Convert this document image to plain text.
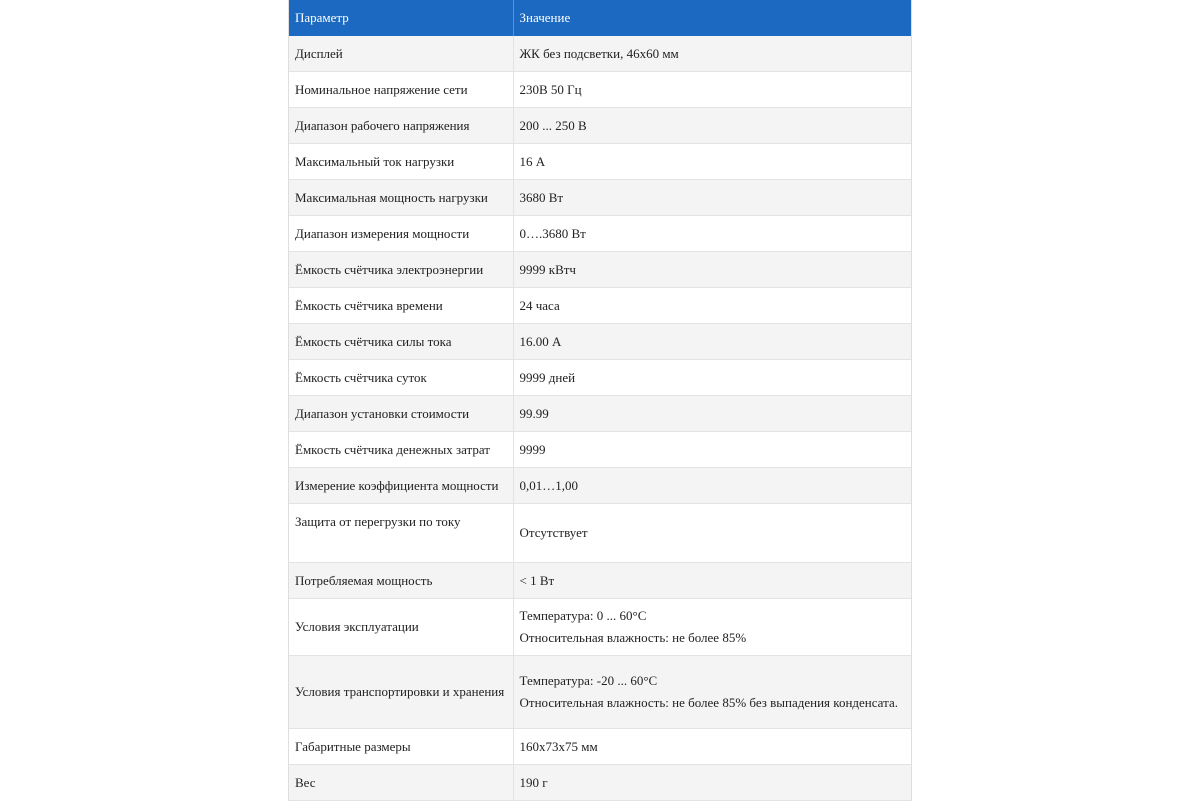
Параметр	Значение
Дисплей	ЖК без подсветки, 46х60 мм
Номинальное напряжение сети	230В 50 Гц
Диапазон рабочего напряжения	200 ... 250 В
Максимальный ток нагрузки	16 А
Максимальная мощность нагрузки	3680 Вт
Диапазон измерения мощности	0….3680 Вт
Ёмкость счётчика электроэнергии	9999 кВтч
Ёмкость счётчика времени	24 часа
Ёмкость счётчика силы тока	16.00 А
Ёмкость счётчика суток	9999 дней
Диапазон установки стоимости	99.99
Ёмкость счётчика денежных затрат	9999
Измерение коэффициента мощности	0,01…1,00
Защита от перегрузки по току	Отсутствует
Потребляемая мощность	< 1 Вт
Условия эксплуатации	Температура: 0 ... 60°С
Относительная влажность: не более 85%

Условия транспортировки и хранения	Температура: -20 ... 60°С
Относительная влажность: не более 85% без выпадения конденсата.

Габаритные размеры	160х73х75 мм
Вес	190 г
